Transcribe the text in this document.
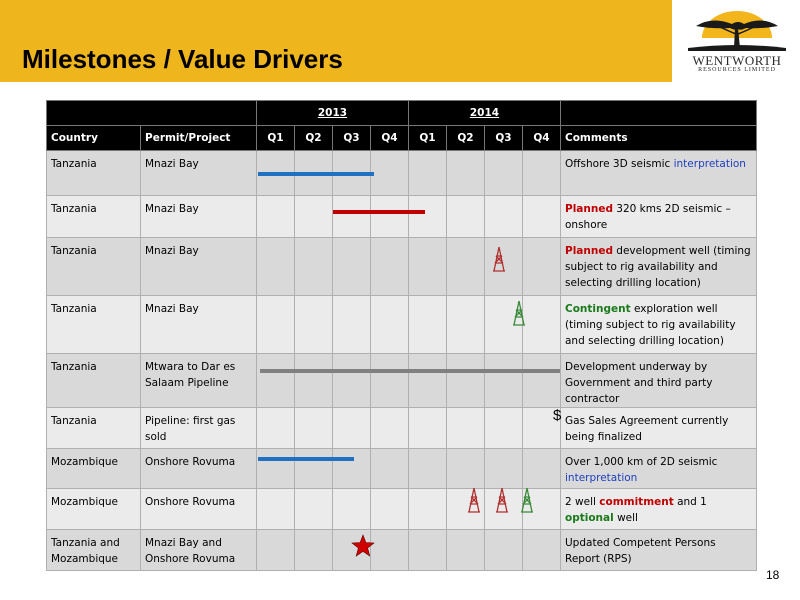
Milestones / Value Drivers	WENTWORTH
RESOURCES LIMITED
		2013				2014				
Country	Permit/Project	Q1	Q2	Q3	Q4	Q1	Q2	Q3	Q4	Comments
Tanzania	Mnazi Bay									Offshore 3D seismic interpretation
Tanzania	Mnazi Bay									Planned 320 kms 2D seismic – onshore
Tanzania	Mnazi Bay									Planned development well (timing subject to rig availability and selecting drilling location)
Tanzania	Mnazi Bay									Contingent exploration well (timing subject to rig availability and selecting drilling location)
Tanzania	Mtwara to Dar es Salaam Pipeline									Development underway by Government and third party contractor
Tanzania	Pipeline: first gas sold									Gas Sales Agreement currently being finalized
Mozambique	Onshore Rovuma									Over 1,000 km of 2D seismic interpretation
Mozambique	Onshore Rovuma									2 well commitment and 1 optional well
Tanzania and Mozambique	Mnazi Bay and Onshore Rovuma									Updated Competent Persons Report (RPS)
$
18
